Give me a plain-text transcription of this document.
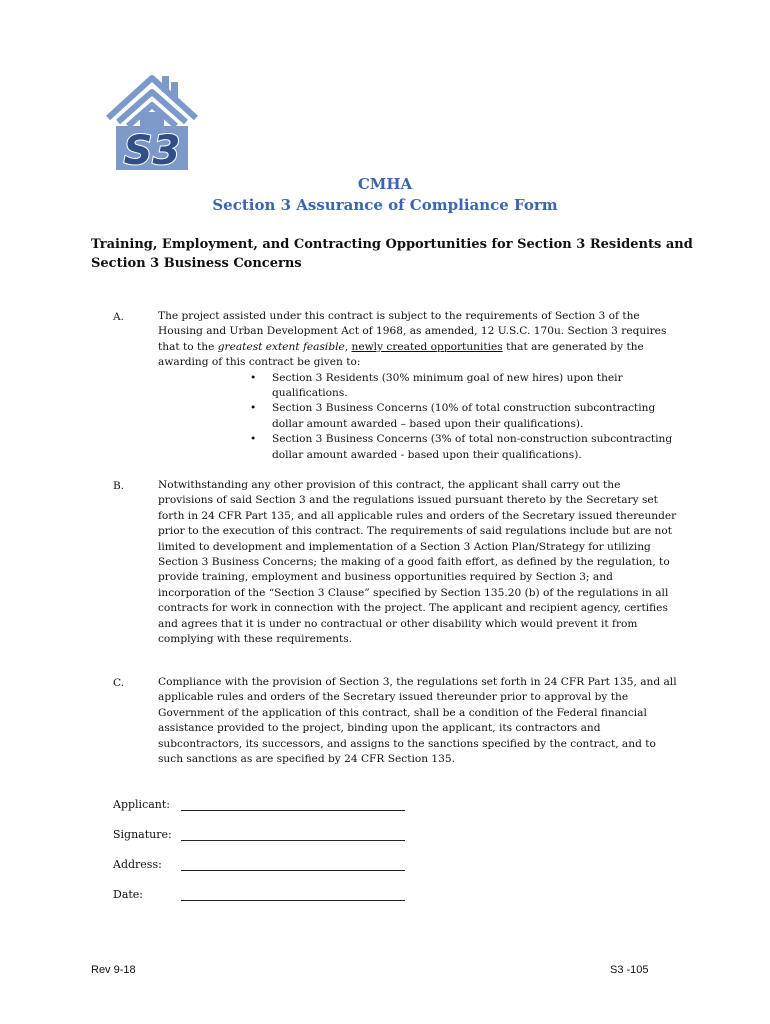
S3
CMHA
Section 3 Assurance of Compliance Form
Training, Employment, and Contracting Opportunities for Section 3 Residents and
Section 3 Business Concerns
A.	The project assisted under this contract is subject to the requirements of Section 3 of the Housing and Urban Development Act of 1968, as amended, 12 U.S.C. 170u. Section 3 requires that to the greatest extent feasible, newly created opportunities that are generated by the awarding of this contract be given to:

• Section 3 Residents (30% minimum goal of new hires) upon their qualifications.
• Section 3 Business Concerns (10% of total construction subcontracting dollar amount awarded – based upon their qualifications).
• Section 3 Business Concerns (3% of total non-construction subcontracting dollar amount awarded - based upon their qualifications).
B.	Notwithstanding any other provision of this contract, the applicant shall carry out the provisions of said Section 3 and the regulations issued pursuant thereto by the Secretary set forth in 24 CFR Part 135, and all applicable rules and orders of the Secretary issued thereunder prior to the execution of this contract. The requirements of said regulations include but are not limited to development and implementation of a Section 3 Action Plan/Strategy for utilizing Section 3 Business Concerns; the making of a good faith effort, as defined by the regulation, to provide training, employment and business opportunities required by Section 3; and incorporation of the “Section 3 Clause” specified by Section 135.20 (b) of the regulations in all contracts for work in connection with the project. The applicant and recipient agency, certifies and agrees that it is under no contractual or other disability which would prevent it from complying with these requirements.
C.	Compliance with the provision of Section 3, the regulations set forth in 24 CFR Part 135, and all applicable rules and orders of the Secretary issued thereunder prior to approval by the Government of the application of this contract, shall be a condition of the Federal financial assistance provided to the project, binding upon the applicant, its contractors and subcontractors, its successors, and assigns to the sanctions specified by the contract, and to such sanctions as are specified by 24 CFR Section 135.
Applicant:
Signature:
Address:
Date:
Rev 9-18	S3 -105
